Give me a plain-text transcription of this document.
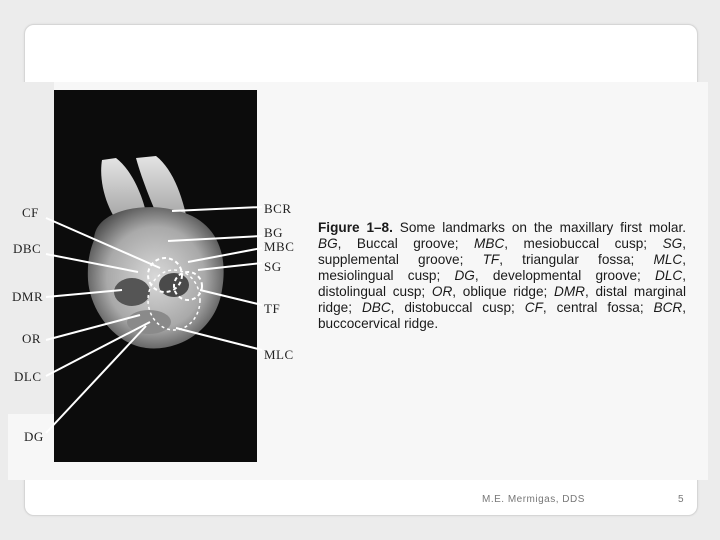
CF
DBC
DMR
OR
DLC
DG
BCR
BG
MBC
SG
TF
MLC
Figure 1–8. Some landmarks on the maxillary first molar. BG, Buccal groove; MBC, mesiobuccal cusp; SG, supplemental groove; TF, triangular fossa; MLC, mesiolingual cusp; DG, developmental groove; DLC, distolingual cusp; OR, oblique ridge; DMR, distal marginal ridge; DBC, distobuccal cusp; CF, central fossa; BCR, buccocervical ridge.
M.E. Mermigas, DDS	5
